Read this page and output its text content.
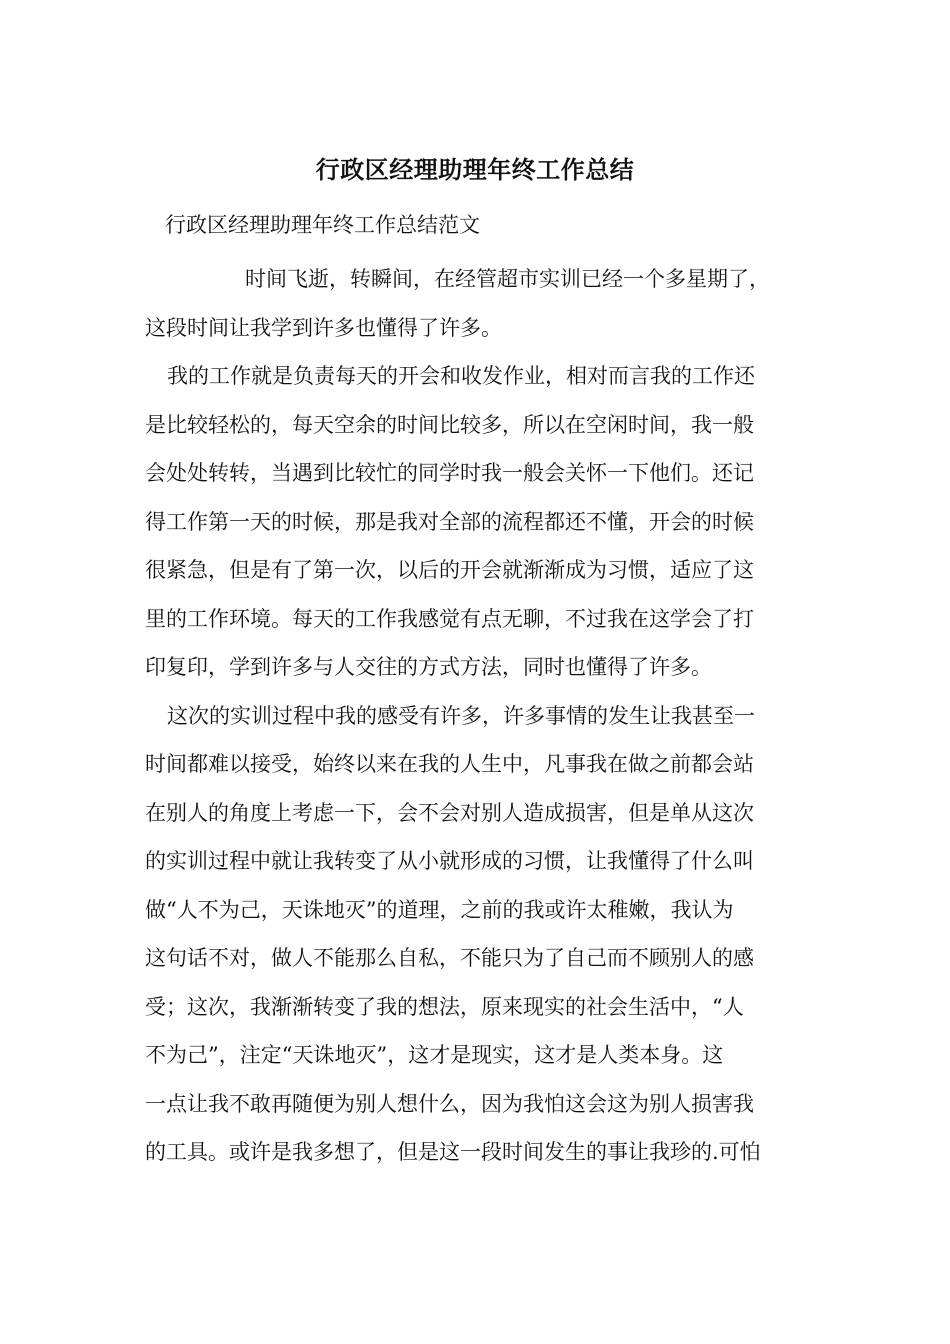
行政区经理助理年终工作总结
行政区经理助理年终工作总结范文

时间飞逝，转瞬间，在经管超市实训已经一个多星期了，
这段时间让我学到许多也懂得了许多。

我的工作就是负责每天的开会和收发作业，相对而言我的工作还
是比较轻松的，每天空余的时间比较多，所以在空闲时间，我一般
会处处转转，当遇到比较忙的同学时我一般会关怀一下他们。还记
得工作第一天的时候，那是我对全部的流程都还不懂，开会的时候
很紧急，但是有了第一次，以后的开会就渐渐成为习惯，适应了这
里的工作环境。每天的工作我感觉有点无聊，不过我在这学会了打
印复印，学到许多与人交往的方式方法，同时也懂得了许多。

这次的实训过程中我的感受有许多，许多事情的发生让我甚至一
时间都难以接受，始终以来在我的人生中，凡事我在做之前都会站
在别人的角度上考虑一下，会不会对别人造成损害，但是单从这次
的实训过程中就让我转变了从小就形成的习惯，让我懂得了什么叫
做“人不为己，天诛地灭”的道理，之前的我或许太稚嫩，我认为
这句话不对，做人不能那么自私，不能只为了自己而不顾别人的感
受；这次，我渐渐转变了我的想法，原来现实的社会生活中，“人
不为己”，注定“天诛地灭”，这才是现实，这才是人类本身。这
一点让我不敢再随便为别人想什么，因为我怕这会这为别人损害我
的工具。或许是我多想了，但是这一段时间发生的事让我珍的.可怕
